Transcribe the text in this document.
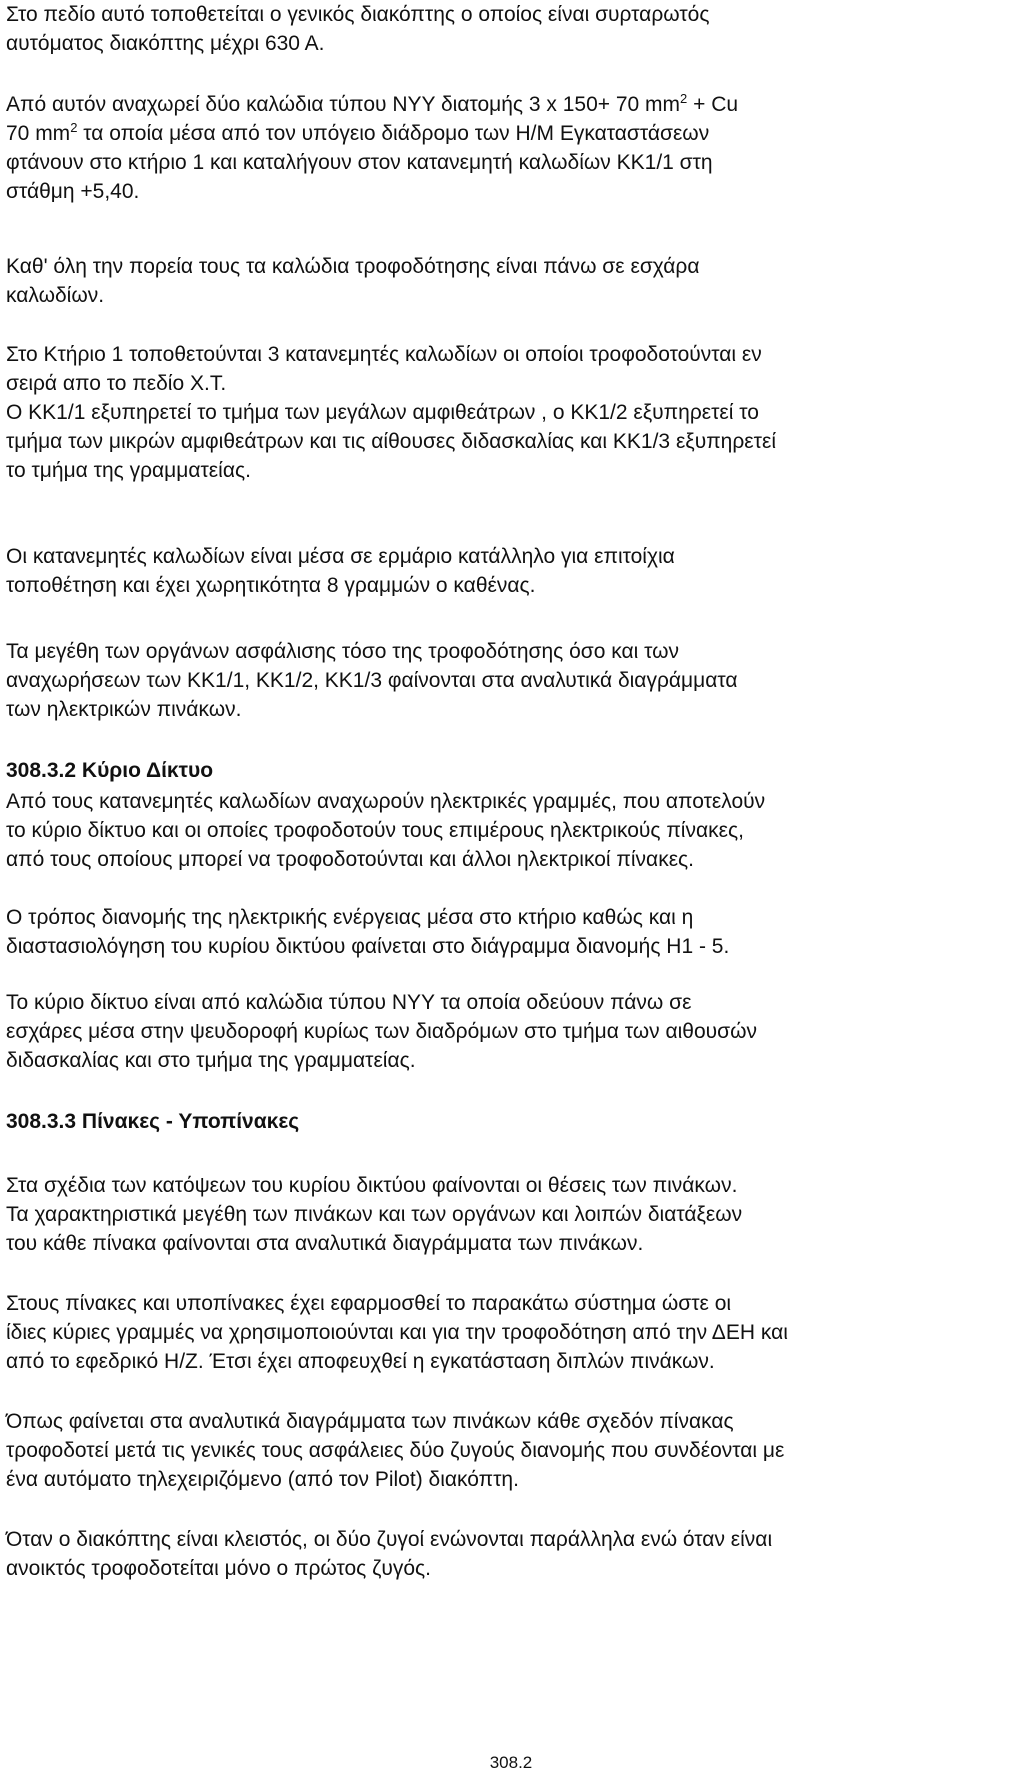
Στο πεδίο αυτό τοποθετείται ο γενικός διακόπτης ο οποίος είναι συρταρωτός
αυτόματος διακόπτης μέχρι 630 Α.

Από αυτόν αναχωρεί δύο καλώδια τύπου NYY διατομής 3 x 150+ 70 $mm^2 + Cu$
70 $mm^2$ τα οποία μέσα από τον υπόγειο διάδρομο των Η/Μ Εγκαταστάσεων
φτάνουν στο κτήριο 1 και καταλήγουν στον κατανεμητή καλωδίων ΚΚ1/1 στη
στάθμη +5,40.

Καθ' όλη την πορεία τους τα καλώδια τροφοδότησης είναι πάνω σε εσχάρα
καλωδίων.

Στο Κτήριο 1 τοποθετούνται 3 κατανεμητές καλωδίων οι οποίοι τροφοδοτούνται εν
σειρά απο το πεδίο Χ.Τ.
Ο ΚΚ1/1 εξυπηρετεί το τμήμα των μεγάλων αμφιθεάτρων , ο ΚΚ1/2 εξυπηρετεί το
τμήμα των μικρών αμφιθεάτρων και τις αίθουσες διδασκαλίας και ΚΚ1/3 εξυπηρετεί
το τμήμα της γραμματείας.

Οι κατανεμητές καλωδίων είναι μέσα σε ερμάριο κατάλληλο για επιτοίχια
τοποθέτηση και έχει χωρητικότητα 8 γραμμών ο καθένας.

Τα μεγέθη των οργάνων ασφάλισης τόσο της τροφοδότησης όσο και των
αναχωρήσεων των ΚΚ1/1, ΚΚ1/2, ΚΚ1/3 φαίνονται στα αναλυτικά διαγράμματα
των ηλεκτρικών πινάκων.

308.3.2 Κύριο Δίκτυο

Από τους κατανεμητές καλωδίων αναχωρούν ηλεκτρικές γραμμές, που αποτελούν
το κύριο δίκτυο και οι οποίες τροφοδοτούν τους επιμέρους ηλεκτρικούς πίνακες,
από τους οποίους μπορεί να τροφοδοτούνται και άλλοι ηλεκτρικοί πίνακες.

Ο τρόπος διανομής της ηλεκτρικής ενέργειας μέσα στο κτήριο καθώς και η
διαστασιολόγηση του κυρίου δικτύου φαίνεται στο διάγραμμα διανομής Η1 - 5.

Το κύριο δίκτυο είναι από καλώδια τύπου NYY τα οποία οδεύουν πάνω σε
εσχάρες μέσα στην ψευδοροφή κυρίως των διαδρόμων στο τμήμα των αιθουσών
διδασκαλίας και στο τμήμα της γραμματείας.

308.3.3 Πίνακες - Υποπίνακες

Στα σχέδια των κατόψεων του κυρίου δικτύου φαίνονται οι θέσεις των πινάκων.
Τα χαρακτηριστικά μεγέθη των πινάκων και των οργάνων και λοιπών διατάξεων
του κάθε πίνακα φαίνονται στα αναλυτικά διαγράμματα των πινάκων.

Στους πίνακες και υποπίνακες έχει εφαρμοσθεί το παρακάτω σύστημα ώστε οι
ίδιες κύριες γραμμές να χρησιμοποιούνται και για την τροφοδότηση από την ΔΕΗ και
από το εφεδρικό Η/Ζ. Έτσι έχει αποφευχθεί η εγκατάσταση διπλών πινάκων.

Όπως φαίνεται στα αναλυτικά διαγράμματα των πινάκων κάθε σχεδόν πίνακας
τροφοδοτεί μετά τις γενικές τους ασφάλειες δύο ζυγούς διανομής που συνδέονται με
ένα αυτόματο τηλεχειριζόμενο (από τον Pilot) διακόπτη.

Όταν ο διακόπτης είναι κλειστός, οι δύο ζυγοί ενώνονται παράλληλα ενώ όταν είναι
ανοικτός τροφοδοτείται μόνο ο πρώτος ζυγός.

308.2
